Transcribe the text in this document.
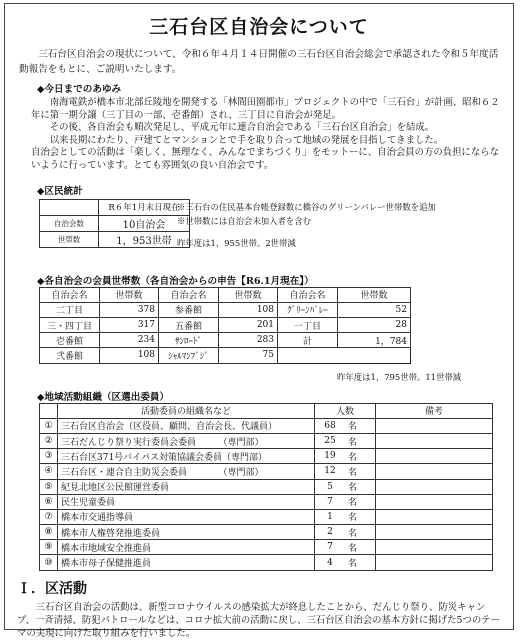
三石台区自治会について
三石台区自治会の現状について、令和６年４月１４日開催の三石台区自治会総会で承認された令和５年度活動報告をもとに、ご説明いたします。
◆今日までのあゆみ
南海電鉄が橋本市北部丘陵地を開発する「林間田園都市」プロジェクトの中で「三石台」が計画、昭和６２年に第一期分譲（三丁目の一部、壱番館）され、三丁目に自治会が発足。
その後、各自治会も順次発足し、平成元年に連合自治会である「三石台区自治会」を結成。
以来長期にわたり、戸建てとマンションとで手を取り合って地域の発展を目指してきました。
自治会としての活動は「楽しく、無理なく、みんなでまちづくり」をモットーに、自治会員の方の負担にならないように行っています。とても雰囲気の良い自治会です。
◆区民統計
	R６年1月末日現在
自治会数	10自治会
世帯数	1，953世帯
※三石台の住民基本台帳登録数に橋谷のグリーンバレー世帯数を追加
※世帯数には自治会未加入者を含む
昨年度は1，955世帯。2世帯減
◆各自治会の会員世帯数（各自治会からの申告【R6.1月現在】）
自治会名	世帯数	自治会名	世帯数	自治会名	世帯数
二丁目	378	参番館	108	ｸﾞﾘｰﾝﾊﾞﾚｰ	52
三・四丁目	317	五番館	201	一丁目	28
壱番館	234	ｻﾝﾛｰﾄﾞ	283	計	1，784
弐番館	108	ｼｬﾙﾏﾝﾌﾞｼﾞ	75		
昨年度は1，795世帯。11世帯減
◆地域活動組織（区選出委員）
	活動委員の組織名など	人数		備考
①	三石台区自治会（区役員、顧問、自治会長、代議員）	68	名	
②	三石だんじり祭り実行委員会委員　　　（専門部）	25	名	
③	三石台区371号バイパス対策協議会委員（専門部）	19	名	
④	三石台区・連合自主防災会委員　　　　（専門部）	12	名	
⑤	紀見北地区公民館運営委員	5	名	
⑥	民生児童委員	7	名	
⑦	橋本市交通指導員	1	名	
⑧	橋本市人権啓発推進委員	2	名	
⑨	橋本市地域安全推進員	7	名	
⑩	橋本市母子保健推進員	4	名	
Ｉ．区活動
三石台区自治会の活動は、新型コロナウイルスの感染拡大が終息したことから、だんじり祭り、防災キャンプ、一斉清掃、防犯パトロールなどは、コロナ拡大前の活動に戻し、三石台区自治会の基本方針に掲げた5つのテーマの実現に向けた取り組みを行いました。
